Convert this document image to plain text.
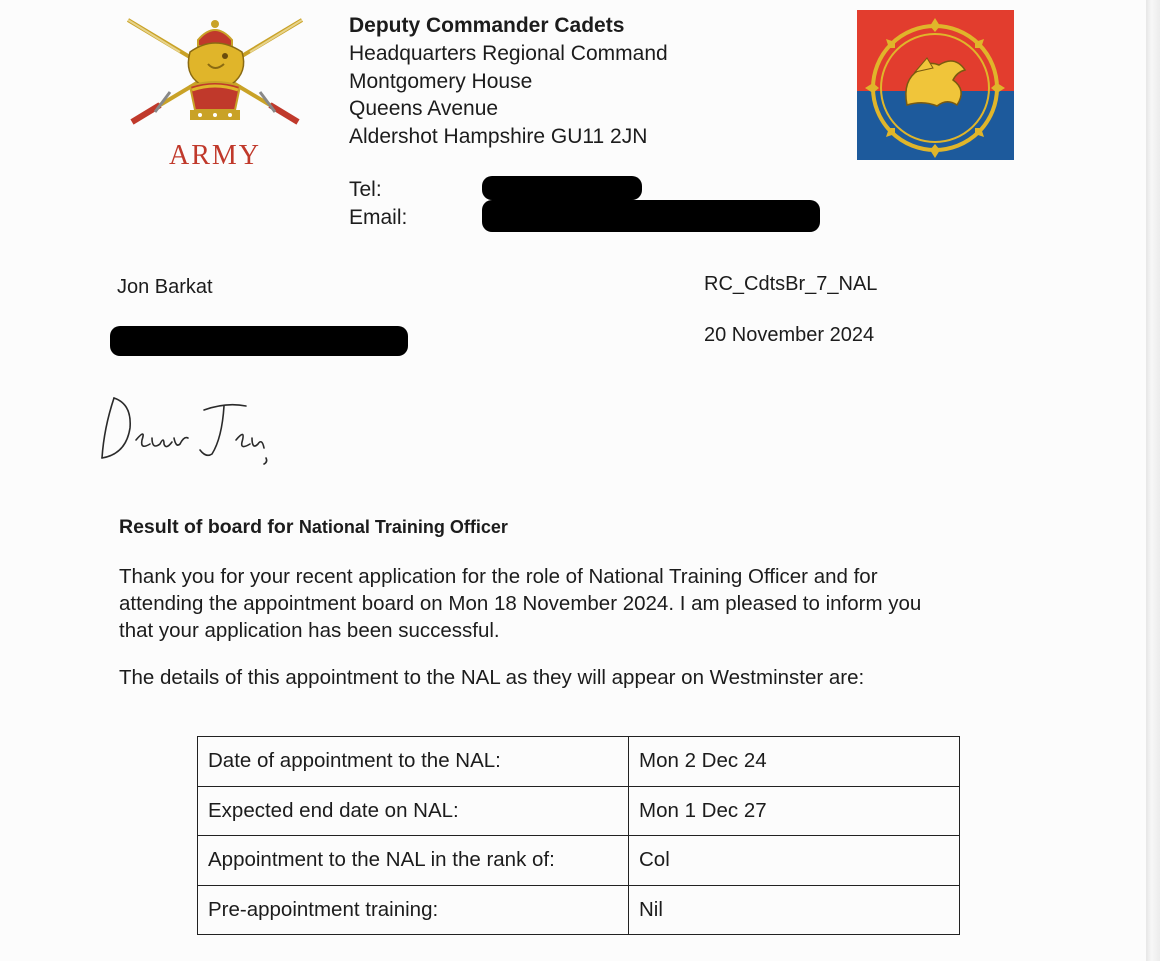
ARMY
Deputy Commander Cadets
Headquarters Regional Command
Montgomery House
Queens Avenue
Aldershot Hampshire GU11 2JN
Tel:
Email:
Jon Barkat	RC_CdtsBr_7_NAL
20 November 2024
Result of board for National Training Officer
Thank you for your recent application for the role of National Training Officer and for
attending the appointment board on Mon 18 November 2024. I am pleased to inform you
that your application has been successful.
The details of this appointment to the NAL as they will appear on Westminster are:
Date of appointment to the NAL:	Mon 2 Dec 24
Expected end date on NAL:	Mon 1 Dec 27
Appointment to the NAL in the rank of:	Col
Pre-appointment training:	Nil
